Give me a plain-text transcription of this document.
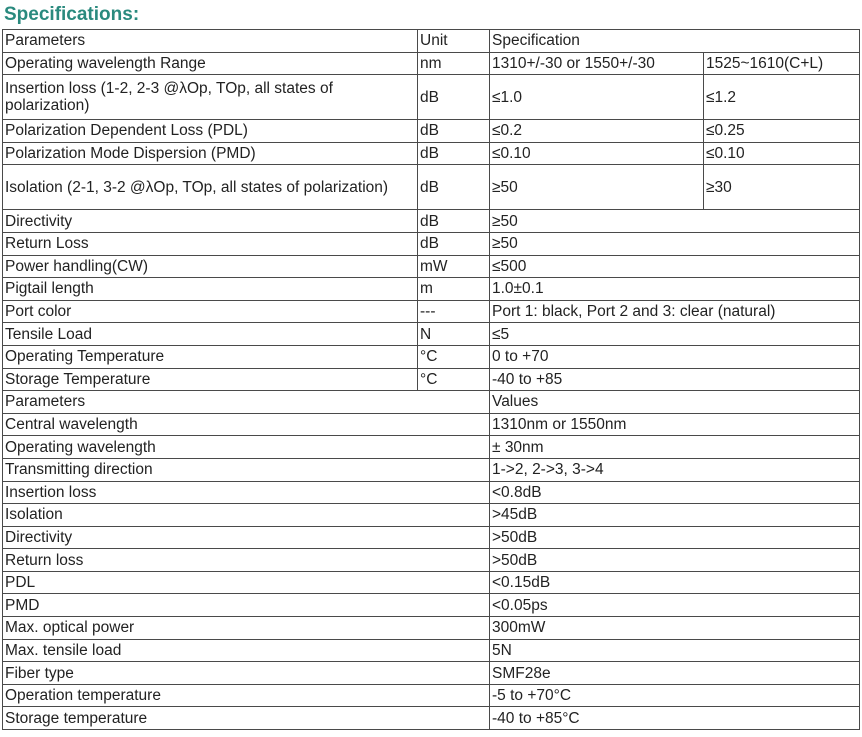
Specifications:
Parameters	Unit	Specification	
Operating wavelength Range	nm	1310+/-30 or 1550+/-30	1525~1610(C+L)
Insertion loss (1-2, 2-3 @λOp, TOp, all states of polarization)	dB	≤1.0	≤1.2
Polarization Dependent Loss (PDL)	dB	≤0.2	≤0.25
Polarization Mode Dispersion (PMD)	dB	≤0.10	≤0.10
Isolation (2-1, 3-2 @λOp, TOp, all states of polarization)	dB	≥50	≥30
Directivity	dB	≥50	
Return Loss	dB	≥50	
Power handling(CW)	mW	≤500	
Pigtail length	m	1.0±0.1	
Port color	---	Port 1: black, Port 2 and 3: clear (natural)	
Tensile Load	N	≤5	
Operating Temperature	°C	0 to +70	
Storage Temperature	°C	-40 to +85	
Parameters		Values	
Central wavelength		1310nm or 1550nm	
Operating wavelength		± 30nm	
Transmitting direction		1->2, 2->3, 3->4	
Insertion loss		<0.8dB	
Isolation		>45dB	
Directivity		>50dB	
Return loss		>50dB	
PDL		<0.15dB	
PMD		<0.05ps	
Max. optical power		300mW	
Max. tensile load		5N	
Fiber type		SMF28e	
Operation temperature		-5 to +70°C	
Storage temperature		-40 to +85°C	
